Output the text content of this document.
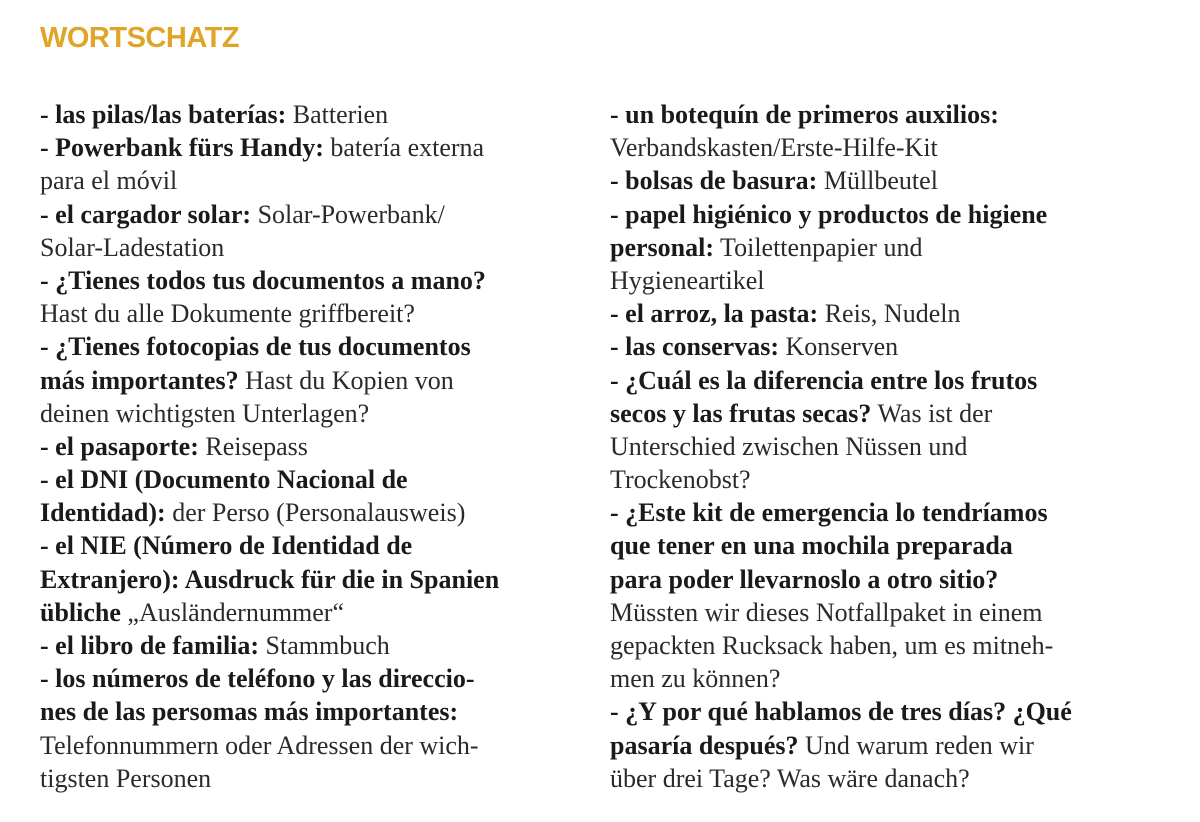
WORTSCHATZ
- las pilas/las baterías: Batterien
- Powerbank fürs Handy: batería externa
para el móvil
- el cargador solar: Solar-Powerbank/
Solar-Ladestation
- ¿Tienes todos tus documentos a mano?
Hast du alle Dokumente griffbereit?
- ¿Tienes fotocopias de tus documentos
más importantes? Hast du Kopien von
deinen wichtigsten Unterlagen?
- el pasaporte: Reisepass
- el DNI (Documento Nacional de
Identidad): der Perso (Personalausweis)
- el NIE (Número de Identidad de
Extranjero): Ausdruck für die in Spanien
übliche „Ausländernummer“
- el libro de familia: Stammbuch
- los números de teléfono y las direccio-
nes de las persomas más importantes:
Telefonnummern oder Adressen der wich-
tigsten Personen
- un botequín de primeros auxilios:
Verbandskasten/Erste-Hilfe-Kit
- bolsas de basura: Müllbeutel
- papel higiénico y productos de higiene
personal: Toilettenpapier und
Hygieneartikel
- el arroz, la pasta: Reis, Nudeln
- las conservas: Konserven
- ¿Cuál es la diferencia entre los frutos
secos y las frutas secas? Was ist der
Unterschied zwischen Nüssen und
Trockenobst?
- ¿Este kit de emergencia lo tendríamos
que tener en una mochila preparada
para poder llevarnoslo a otro sitio?
Müssten wir dieses Notfallpaket in einem
gepackten Rucksack haben, um es mitneh-
men zu können?
- ¿Y por qué hablamos de tres días? ¿Qué
pasaría después? Und warum reden wir
über drei Tage? Was wäre danach?
